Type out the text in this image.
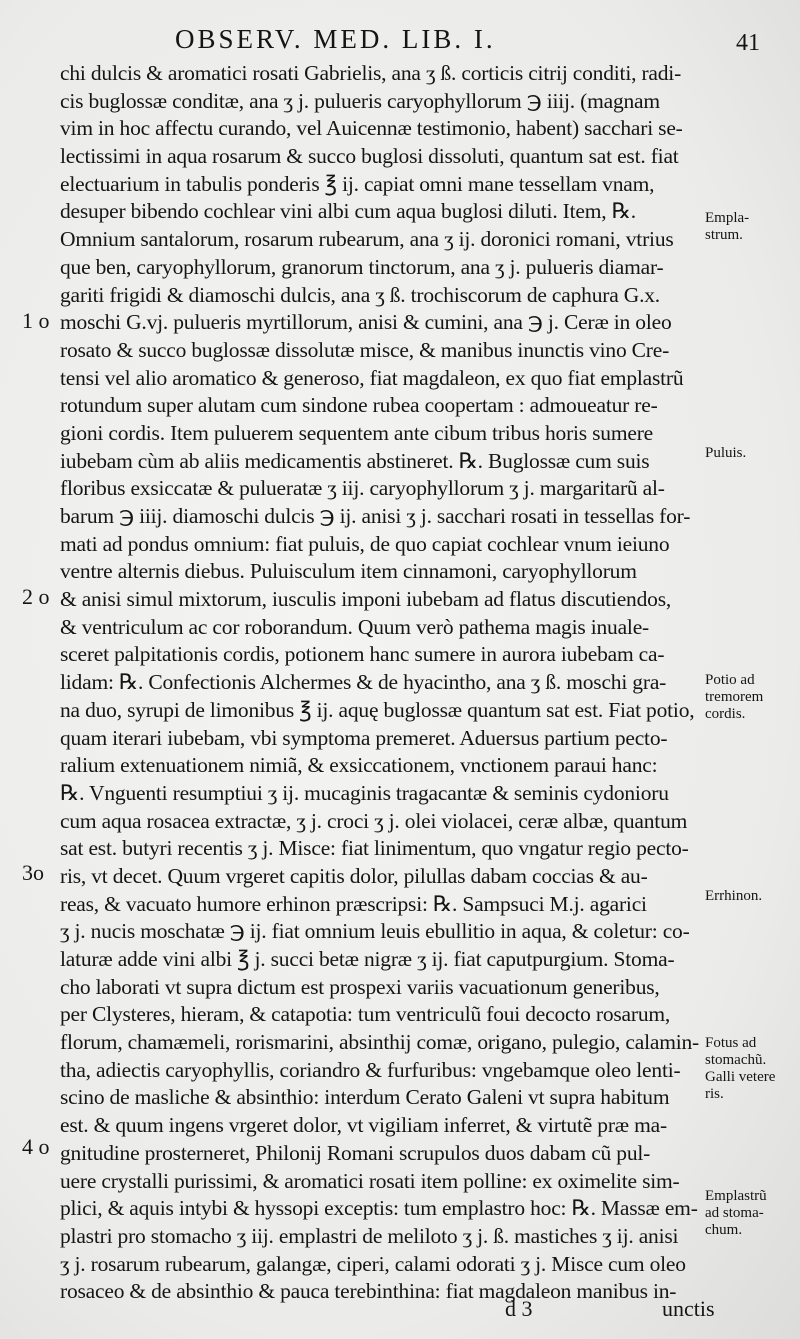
OBSERV. MED. LIB. I.	41
chi dulcis & aromatici rosati Gabrielis, ana ʒ ß. corticis citrij conditi, radi-
cis buglossæ conditæ, ana ʒ j. pulueris caryophyllorum ℈ iiij. (magnam
vim in hoc affectu curando, vel Auicennæ testimonio, habent) sacchari se-
lectissimi in aqua rosarum & succo buglosi dissoluti, quantum sat est. fiat
electuarium in tabulis ponderis ℥ ij. capiat omni mane tessellam vnam,
desuper bibendo cochlear vini albi cum aqua buglosi diluti. Item, ℞.
Omnium santalorum, rosarum rubearum, ana ʒ ij. doronici romani, vtrius
que ben, caryophyllorum, granorum tinctorum, ana ʒ j. pulueris diamar-
gariti frigidi & diamoschi dulcis, ana ʒ ß. trochiscorum de caphura G.x.
moschi G.vj. pulueris myrtillorum, anisi & cumini, ana ℈ j. Ceræ in oleo
rosato & succo buglossæ dissolutæ misce, & manibus inunctis vino Cre-
tensi vel alio aromatico & generoso, fiat magdaleon, ex quo fiat emplastrũ
rotundum super alutam cum sindone rubea coopertam : admoueatur re-
gioni cordis. Item puluerem sequentem ante cibum tribus horis sumere
iubebam cùm ab aliis medicamentis abstineret. ℞. Buglossæ cum suis
floribus exsiccatæ & pulueratæ ʒ iij. caryophyllorum ʒ j. margaritarũ al-
barum ℈ iiij. diamoschi dulcis ℈ ij. anisi ʒ j. sacchari rosati in tessellas for-
mati ad pondus omnium: fiat puluis, de quo capiat cochlear vnum ieiuno
ventre alternis diebus. Puluisculum item cinnamoni, caryophyllorum
& anisi simul mixtorum, iusculis imponi iubebam ad flatus discutiendos,
& ventriculum ac cor roborandum. Quum verò pathema magis inuale-
sceret palpitationis cordis, potionem hanc sumere in aurora iubebam ca-
lidam: ℞. Confectionis Alchermes & de hyacintho, ana ʒ ß. moschi gra-
na duo, syrupi de limonibus ℥ ij. aquę buglossæ quantum sat est. Fiat potio,
quam iterari iubebam, vbi symptoma premeret. Aduersus partium pecto-
ralium extenuationem nimiã, & exsiccationem, vnctionem paraui hanc:
℞. Vnguenti resumptiui ʒ ij. mucaginis tragacantæ & seminis cydonioru
cum aqua rosacea extractæ, ʒ j. croci ʒ j. olei violacei, ceræ albæ, quantum
sat est. butyri recentis ʒ j. Misce: fiat linimentum, quo vngatur regio pecto-
ris, vt decet. Quum vrgeret capitis dolor, pilullas dabam coccias & au-
reas, & vacuato humore erhinon præscripsi: ℞. Sampsuci M.j. agarici
ʒ j. nucis moschatæ ℈ ij. fiat omnium leuis ebullitio in aqua, & coletur: co-
laturæ adde vini albi ℥ j. succi betæ nigræ ʒ ij. fiat caputpurgium. Stoma-
cho laborati vt supra dictum est prospexi variis vacuationum generibus,
per Clysteres, hieram, & catapotia: tum ventriculũ foui decocto rosarum,
florum, chamæmeli, rorismarini, absinthij comæ, origano, pulegio, calamin-
tha, adiectis caryophyllis, coriandro & furfuribus: vngebamque oleo lenti-
scino de masliche & absinthio: interdum Cerato Galeni vt supra habitum
est. & quum ingens vrgeret dolor, vt vigiliam inferret, & virtutẽ præ ma-
gnitudine prosterneret, Philonij Romani scrupulos duos dabam cũ pul-
uere crystalli purissimi, & aromatici rosati item polline: ex oximelite sim-
plici, & aquis intybi & hyssopi exceptis: tum emplastro hoc: ℞. Massæ em-
plastri pro stomacho ʒ iij. emplastri de meliloto ʒ j. ß. mastiches ʒ ij. anisi
ʒ j. rosarum rubearum, galangæ, ciperi, calami odorati ʒ j. Misce cum oleo
rosaceo & de absinthio & pauca terebinthina: fiat magdaleon manibus in-
1 o
2 o
3o
4 o
Empla-
strum.
Puluis.
Potio ad
tremorem
cordis.
Errhinon.
Fotus ad
stomachũ.
Galli vetere
ris.
Emplastrũ
ad stoma-
chum.
d 3	unctis
